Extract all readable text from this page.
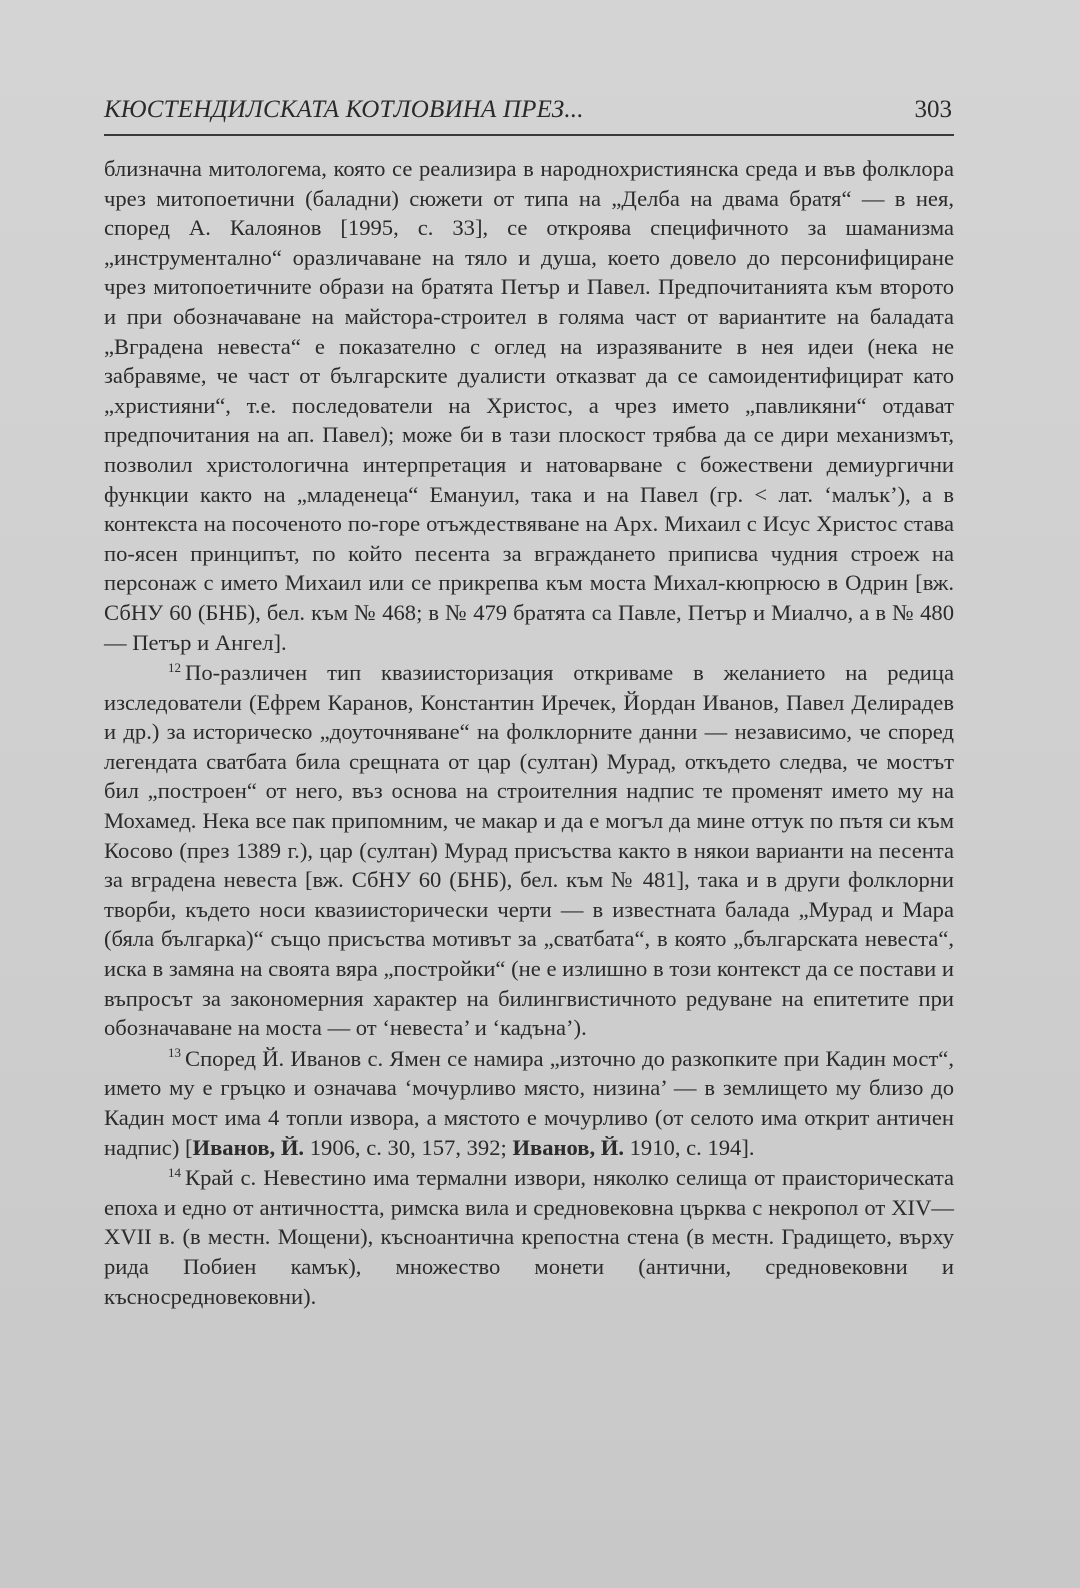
КЮСТЕНДИЛСКАТА КОТЛОВИНА ПРЕЗ...	303

близначна митологема, която се реализира в народнохристиянска среда и във фолклора чрез митопоетични (баладни) сюжети от типа на „Делба на двама братя“ — в нея, според А. Калоянов [1995, с. 33], се откроява специфичното за шаманизма „инструментално“ оразличаване на тяло и душа, което довело до персонифициране чрез митопоетичните образи на братята Петър и Павел. Предпочитанията към второто и при обозначаване на майстора-строител в голяма част от вариантите на баладата „Вградена невеста“ е показателно с оглед на изразяваните в нея идеи (нека не забравяме, че част от българските дуалисти отказват да се самоидентифицират като „християни“, т.е. последователи на Христос, а чрез името „павликяни“ отдават предпочитания на ап. Павел); може би в тази плоскост трябва да се дири механизмът, позволил христологична интерпретация и натоварване с божествени демиургични функции както на „младенеца“ Емануил, така и на Павел (гр. < лат. ‘малък’), а в контекста на посоченото по-горе отъждествяване на Арх. Михаил с Исус Христос става по-ясен принципът, по който песента за вграждането приписва чудния строеж на персонаж с името Михаил или се прикрепва към моста Михал-кюпрюсю в Одрин [вж. СбНУ 60 (БНБ), бел. към № 468; в № 479 братята са Павле, Петър и Миалчо, а в № 480 — Петър и Ангел].

$^{12}$ По-различен тип квазиисторизация откриваме в желанието на редица изследователи (Ефрем Каранов, Константин Иречек, Йордан Иванов, Павел Делирадев и др.) за историческо „доуточняване“ на фолклорните данни — независимо, че според легендата сватбата била срещната от цар (султан) Мурад, откъдето следва, че мостът бил „построен“ от него, въз основа на строителния надпис те променят името му на Мохамед. Нека все пак припомним, че макар и да е могъл да мине оттук по пътя си към Косово (през 1389 г.), цар (султан) Мурад присъства както в някои варианти на песента за вградена невеста [вж. СбНУ 60 (БНБ), бел. към № 481], така и в други фолклорни творби, където носи квазиисторически черти — в известната балада „Мурад и Мара (бяла българка)“ също присъства мотивът за „сватбата“, в която „българската невеста“, иска в замяна на своята вяра „постройки“ (не е излишно в този контекст да се постави и въпросът за закономерния характер на билингвистичното редуване на епитетите при обозначаване на моста — от ‘невеста’ и ‘кадъна’).

$^{13}$ Според Й. Иванов с. Ямен се намира „източно до разкопките при Кадин мост“, името му е гръцко и означава ‘мочурливо място, низина’ — в землището му близо до Кадин мост има 4 топли извора, а мястото е мочурливо (от селото има открит античен надпис) [Иванов, Й. 1906, с. 30, 157, 392; Иванов, Й. 1910, с. 194].

$^{14}$ Край с. Невестино има термални извори, няколко селища от праисторическата епоха и едно от античността, римска вила и средновековна църква с некропол от XIV—XVII в. (в местн. Мощени), късноантична крепостна стена (в местн. Градището, върху рида Побиен камък), множество монети (антични, средновековни и късносредновековни).
